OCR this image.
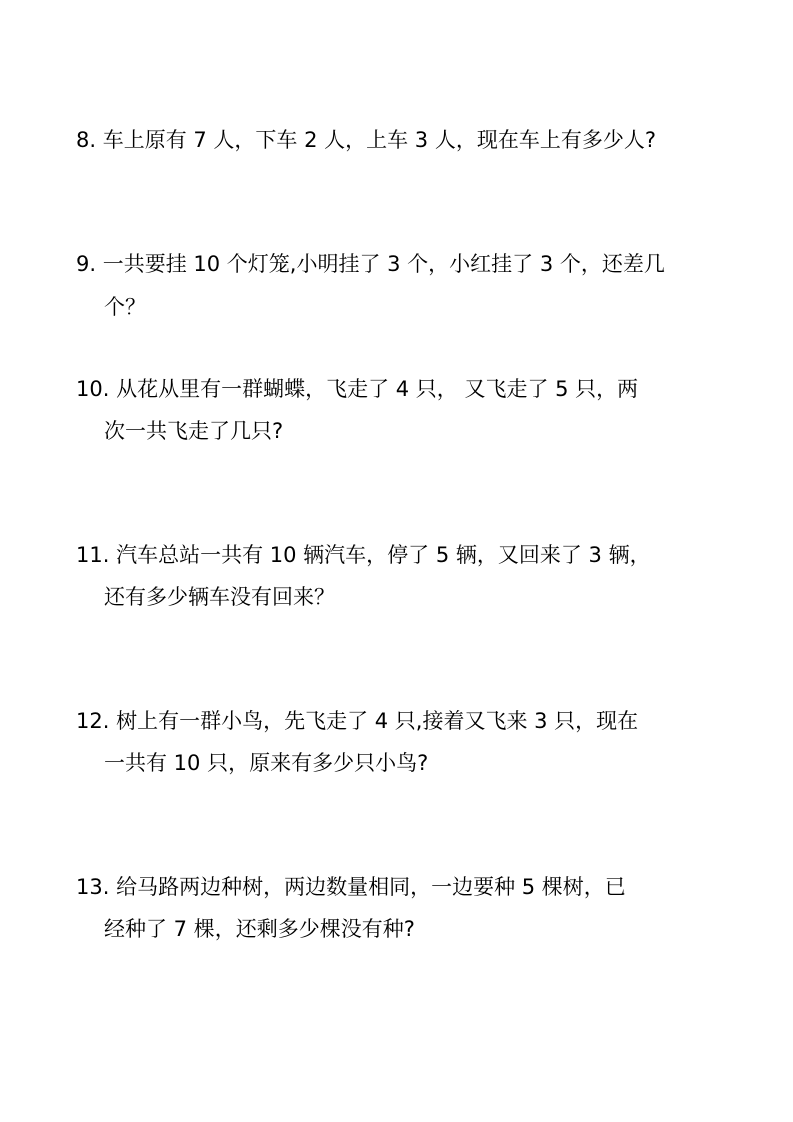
8. 车上原有 7 人，下车 2 人，上车 3 人，现在车上有多少人?
9. 一共要挂 10 个灯笼,小明挂了 3 个，小红挂了 3 个，还差几
个？
10. 从花从里有一群蝴蝶，飞走了 4 只， 又飞走了 5 只，两
次一共飞走了几只?
11. 汽车总站一共有 10 辆汽车，停了 5 辆，又回来了 3 辆，
还有多少辆车没有回来？
12. 树上有一群小鸟，先飞走了 4 只,接着又飞来 3 只，现在
一共有 10 只，原来有多少只小鸟?
13. 给马路两边种树，两边数量相同，一边要种 5 棵树，已
经种了 7 棵，还剩多少棵没有种?
